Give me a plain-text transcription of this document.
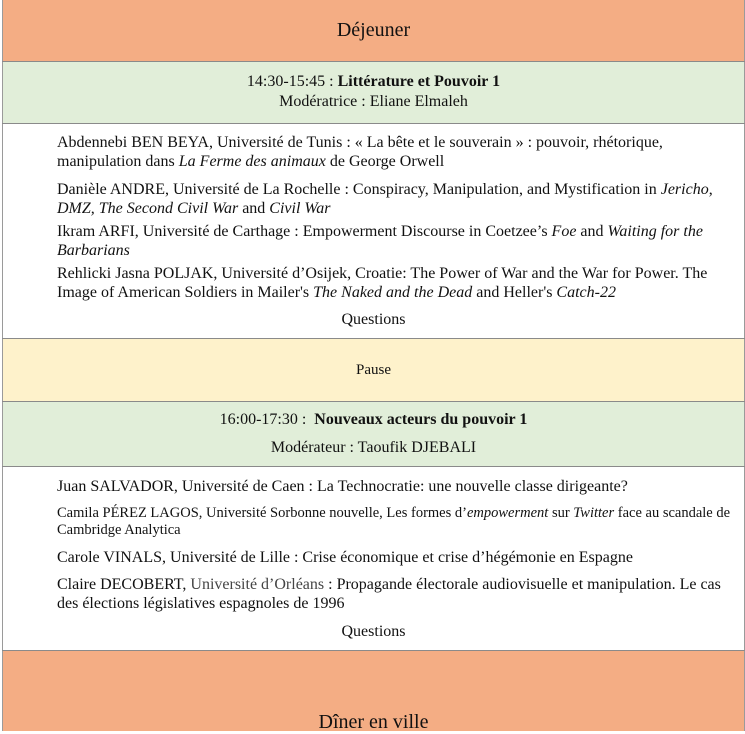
Déjeuner
14:30-15:45 : Littérature et Pouvoir 1
Modératrice : Eliane Elmaleh
Abdennebi BEN BEYA, Université de Tunis : « La bête et le souverain » : pouvoir, rhétorique, manipulation dans La Ferme des animaux de George Orwell
Danièle ANDRE, Université de La Rochelle : Conspiracy, Manipulation, and Mystification in Jericho, DMZ, The Second Civil War and Civil War
Ikram ARFI, Université de Carthage : Empowerment Discourse in Coetzee’s Foe and Waiting for the Barbarians
Rehlicki Jasna POLJAK, Université d’Osijek, Croatie: The Power of War and the War for Power. The Image of American Soldiers in Mailer's The Naked and the Dead and Heller's Catch-22
Questions
Pause
16:00-17:30 :  Nouveaux acteurs du pouvoir 1
Modérateur : Taoufik DJEBALI
Juan SALVADOR, Université de Caen : La Technocratie: une nouvelle classe dirigeante?
Camila PÉREZ LAGOS, Université Sorbonne nouvelle, Les formes d’empowerment sur Twitter face au scandale de Cambridge Analytica
Carole VINALS, Université de Lille : Crise économique et crise d’hégémonie en Espagne
Claire DECOBERT, Université d’Orléans : Propagande électorale audiovisuelle et manipulation. Le cas des élections législatives espagnoles de 1996
Questions
Dîner en ville
